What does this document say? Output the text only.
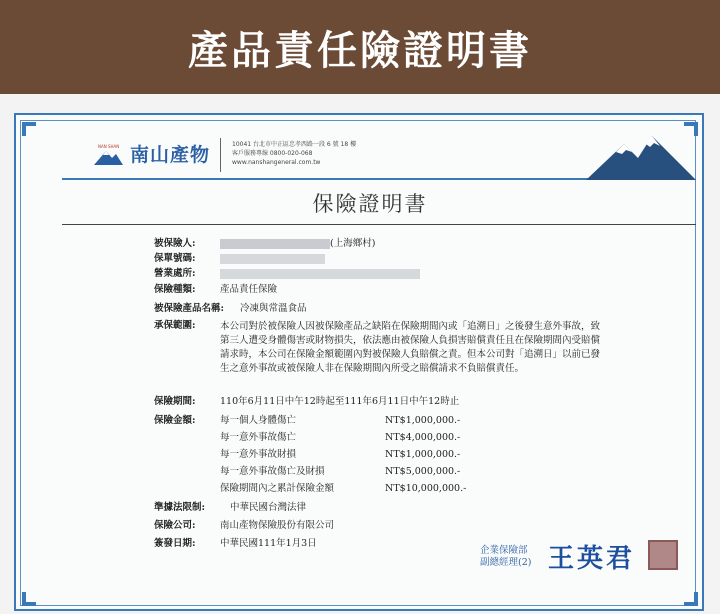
產品責任險證明書
NAN SHAN 南山產物	10041 台北市中正區忠孝西路一段 6 號 18 樓
客戶服務專線 0800-020-068
www.nanshangeneral.com.tw
保險證明書
被保險人:	(上海鄉村)
保單號碼:
營業處所:
保險種類:	產品責任保險
被保險產品名稱: 冷凍與常溫食品
承保範圍:	本公司對於被保險人因被保險產品之缺陷在保險期間內或「追溯日」之後發生意外事故，致第三人遭受身體傷害或財物損失，依法應由被保險人負損害賠償責任且在保險期間內受賠償請求時，本公司在保險金額範圍內對被保險人負賠償之責。但本公司對「追溯日」以前已發生之意外事故或被保險人非在保險期間內所受之賠償請求不負賠償責任。
保險期間:	110年6月11日中午12時起至111年6月11日中午12時止
保險金額:	每一個人身體傷亡	NT$1,000,000.-
每一意外事故傷亡	NT$4,000,000.-
每一意外事故財損	NT$1,000,000.-
每一意外事故傷亡及財損	NT$5,000,000.-
保險期間內之累計保險金額	NT$10,000,000.-
準據法限制:	中華民國台灣法律
保險公司:	南山產物保險股份有限公司
簽發日期:	中華民國111年1月3日
企業保險部
副總經理(2) 王英君
